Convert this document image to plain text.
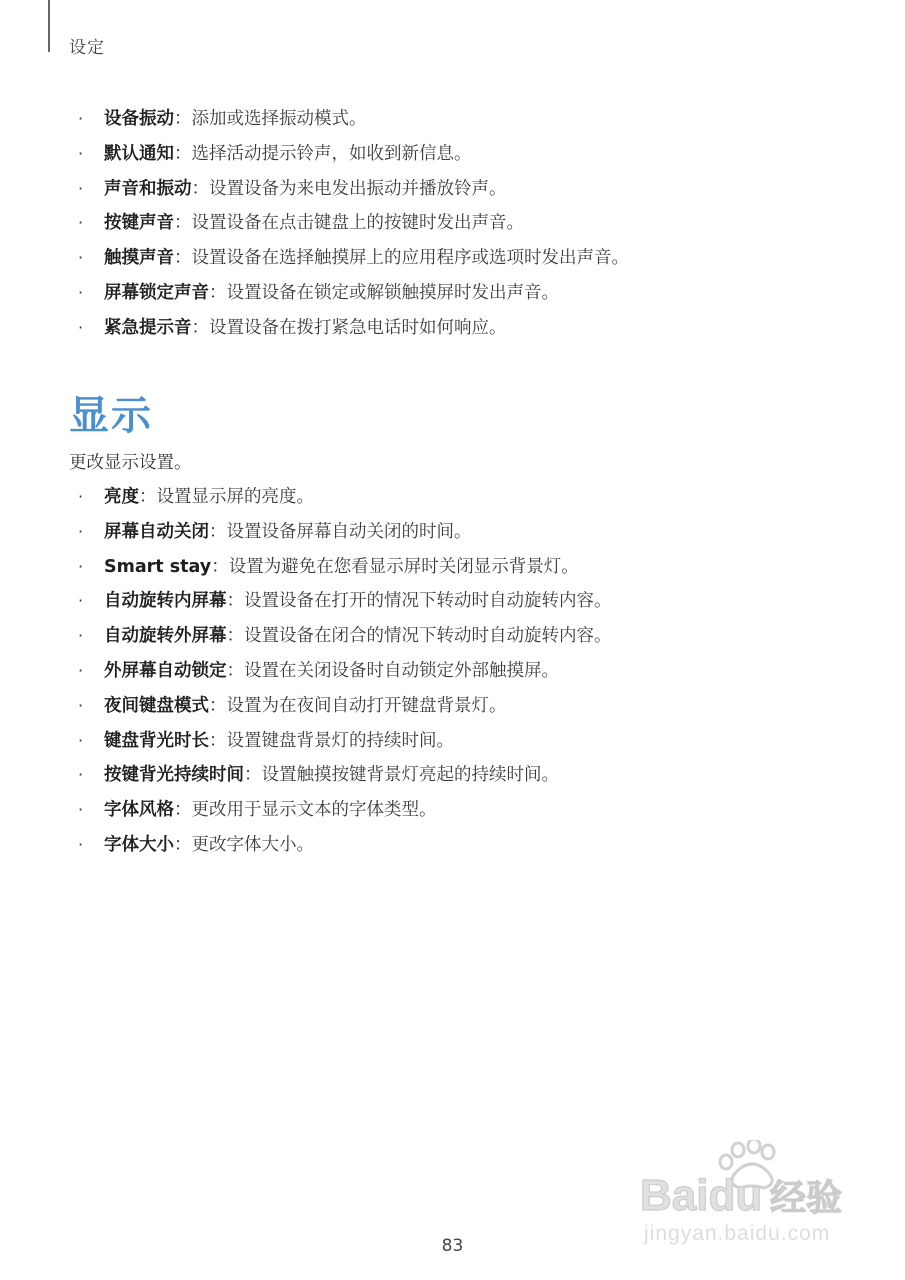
设定
· 设备振动：添加或选择振动模式。
· 默认通知：选择活动提示铃声，如收到新信息。
· 声音和振动：设置设备为来电发出振动并播放铃声。
· 按键声音：设置设备在点击键盘上的按键时发出声音。
· 触摸声音：设置设备在选择触摸屏上的应用程序或选项时发出声音。
· 屏幕锁定声音：设置设备在锁定或解锁触摸屏时发出声音。
· 紧急提示音：设置设备在拨打紧急电话时如何响应。
显示
更改显示设置。
· 亮度：设置显示屏的亮度。
· 屏幕自动关闭：设置设备屏幕自动关闭的时间。
· Smart stay：设置为避免在您看显示屏时关闭显示背景灯。
· 自动旋转内屏幕：设置设备在打开的情况下转动时自动旋转内容。
· 自动旋转外屏幕：设置设备在闭合的情况下转动时自动旋转内容。
· 外屏幕自动锁定：设置在关闭设备时自动锁定外部触摸屏。
· 夜间键盘模式：设置为在夜间自动打开键盘背景灯。
· 键盘背光时长：设置键盘背景灯的持续时间。
· 按键背光持续时间：设置触摸按键背景灯亮起的持续时间。
· 字体风格：更改用于显示文本的字体类型。
· 字体大小：更改字体大小。
Baidu 经验
jingyan.baidu.com
83
